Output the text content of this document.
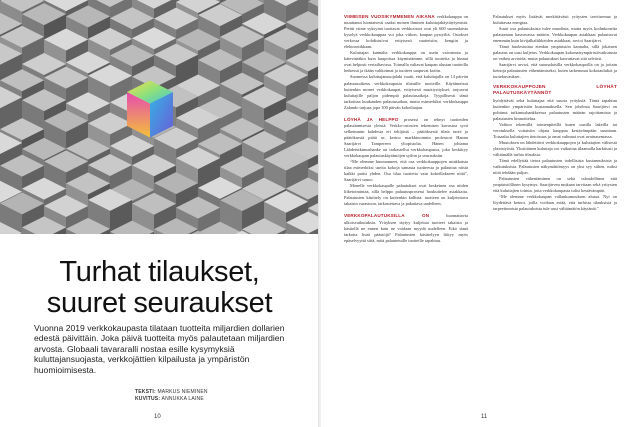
Turhat tilaukset,
suuret seuraukset
Vuonna 2019 verkkokaupasta tilataan tuotteita miljardien dollarien edestä päivittäin. Joka päivä tuotteita myös palautetaan miljardien arvosta. Globaali tavararalli nostaa esille kysymyksiä kuluttajansuojasta, verkkojättien kilpailusta ja ympäristön huomioimisesta.
TEKSTI: MARKUS NIEMINEN
KUVITUS: ANNUKKA LAINE
10

VIIMEISEN VUOSIKYMMENEN AIKANA verkkokauppa on muuttanut luontaisesti osaksi monen ihmisen kuluttajakäyttäytymistä. Peräti viime syksyinä tuottavat verkkoostot ovat yli 600 suomalaista kyselyä verkkokauppaa voi joka viikon, kaupan pystyiltä. Ostokset verkossa kohdistuivat erityisesti vaatteisiin, kengiin ja elektroniikkaan.

Kuluttajan kannalta verkkokauppa on usein vaivatonta ja kätevintäkin kuin kaupoissa käymistämme, sillä tuotteita ja hinnat ovat helposti vertailtavissa. Toimalla valtavat kaupan alustan tuotteilla hetkessä ja ikään valikoimat ja tuotteet saapuvat kotiin.

Suomessa kuluttajansuojalaki vaatii, että kuluttajalla on 14 päivän palautusoikeus verkkokaupasta tilatuille tuotteille. Käytännössä kuitenkin monet verkkokaupat, erityisesti muotiyritykset, tarjoavat kuluttajille paljon pidempiä palautusaikoja. Tyypillisesti tämä tarkoittaa kuukauden palautusaikaa, mutta esimerkiksi verkkokauppa Zalando tarjoaa jopa 100 päivän kokeiluajan.

LÖYHÄ JA HELPPO prosessi on tehnyt tuotteiden palauttamisesta yleistä. Verkko-ostosten tekemisen kuvastoa syvä selkeimmin kahdesta eri tekijästä – päätöksestä tilata tuote ja päätöksestä pitää se, kertoo markkinoinnin professori Hannu Saarijärvi Tampereen yliopistolta. Hänen johtama Lähdetutkimushanke on tarkastellut verkkokaupassa, joka keskittyy verkkokaupan palautuskäytäntöjen syihin ja seurauksiin.

“Me olemme huomanneet, että osa verkkokauppojen asiakkaista tilaa esimerkiksi useita kokoja samasta tuotteesta ja palauttaa niistä kaikki paitsi yhden. Osa tilaa tuotteita vain kokeillakseen niitä”, Saarijärvi sanoo.

Monelle verkkokaupalle palautukset ovat keskeinen osa niiden liiketoimintaa, sillä helppo palautusprosessi houkuttelee asiakkaita. Palautusten käsittely on kuitenkin kallista: tuotteen on kuljetettava takaisin varastoon, tarkastettava ja pakattava uudelleen.

VERKKOPALAUTUKSILLA ON	huomattavia ulkoisvaikutuksia. Yrityksen täytyy kuljettaa tuotteet takaisin ja käsitellä ne ennen kuin ne voidaan myydä uudelleen. Eikö tämä tarkoita lisää päästöjä? Palautusten käsittelyyn liittyy myös epäselvyyttä siitä, mitä palautetuille tuotteille tapahtuu.

Palautukset myös lisäävät merkittävästi yritysten tarvitsemaa ja kuluttavaa energiaa.

Suuri osa palautuksista tulee muodista, mutta myös kodinkoneita palautetaan kasvavassa määrin. Verkkokaupan asiakkaat palauttavat enemmän kuin kivijalkaliikkeiden asiakkaat, arvioi Saarijärvi.

Tämä huolestuttaa etenkin ympäristön kannalta, sillä jokainen palautus on uusi kuljetus. Verkkokaupan kokonaisympäristövaikutusta on vaikea arvioida, mutta palautukset kasvattavat sitä selvästi.

Saarijärvi arvioi, että suomalaisilla verkkokaupoilla on jo joitain keinoja palautusten vähentämiseksi, kuten tarkemmat kokotaulukot ja tuotekuvaukset.

VERKKOKAUPPOJEN LÖYHÄT PALAUTUSKÄYTÄNNÖT

hyödyttävät sekä kuluttajaa että suuria yrityksiä. Tämä tapahtuu kuitenkin ympäristön kustannuksella. Sen johdosta Saarijärvi on pohtinut tutkimushankkeessa palautusten määrän rajoittamista ja palautusten hinnoittelua.

Valtion tekemillä toimenpiteillä kuten uusilla lakeilla tai verotuksella voitaisiin ohjata kauppaa kestävämpään suuntaan. Toisaalta kuluttajien tietoisuus ja omat valinnat ovat avainasemassa.

Muutoksen on lähdettävä verkkokauppojen ja kuluttajien välisestä yhteistyöstä. Yksittäinen kuluttaja voi vaikuttaa tilaamalla harkitusti ja välttämällä turhia tilauksia.

Tämä edellyttää tietoa palautusten todellisista kustannuksista ja vaikutuksista. Palautusten näkymättömyys on yksi syy siihen, miksi niitä tehdään paljon.

Palautusten vähentäminen on sekä taloudellinen että ympäristöllinen kysymys. Saarijärven mukaan tarvitaan sekä yritysten että kuluttajien toimia, jotta verkkokaupasta tulisi kestävämpää.

“Me olemme verkkokaupan vallankumouksen alussa. Nyt on löydettävä keinot, joilla voidaan estää, että turhista tilauksista ja tarpeettomista palautuksista tule uusi välttämätön käytäntö.”

11
